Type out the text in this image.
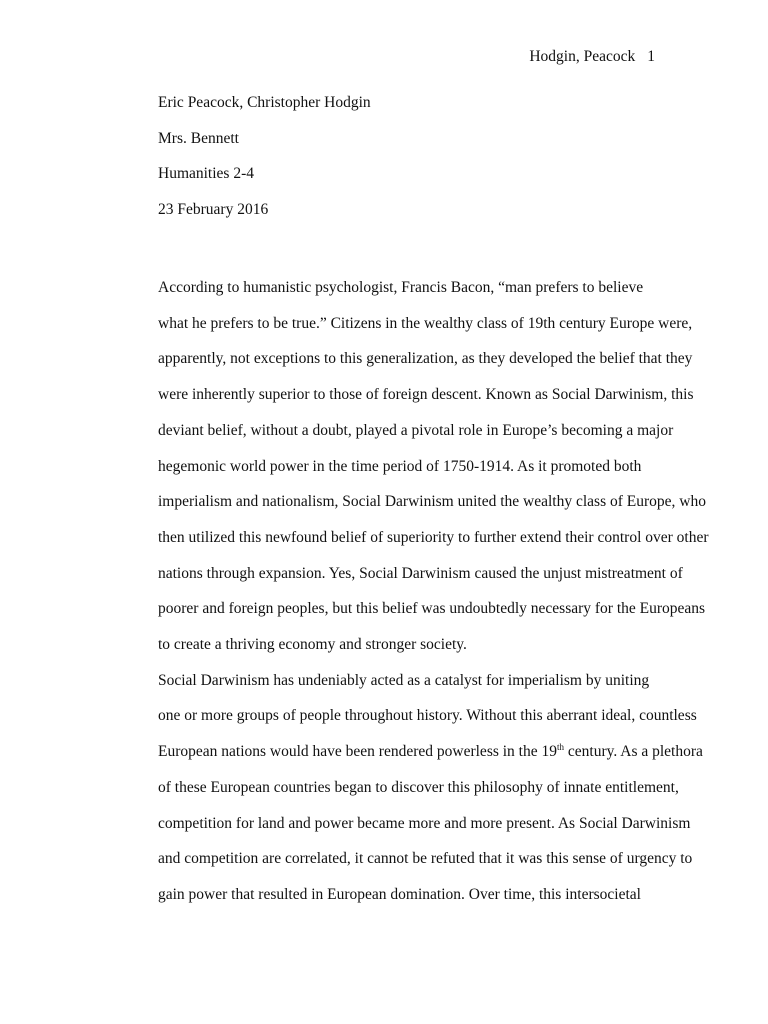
Hodgin, Peacock 1
Eric Peacock, Christopher Hodgin
Mrs. Bennett
Humanities 2-4
23 February 2016

According to humanistic psychologist, Francis Bacon, “man prefers to believe
what he prefers to be true.” Citizens in the wealthy class of 19th century Europe were,
apparently, not exceptions to this generalization, as they developed the belief that they
were inherently superior to those of foreign descent. Known as Social Darwinism, this
deviant belief, without a doubt, played a pivotal role in Europe’s becoming a major
hegemonic world power in the time period of 1750-1914. As it promoted both
imperialism and nationalism, Social Darwinism united the wealthy class of Europe, who
then utilized this newfound belief of superiority to further extend their control over other
nations through expansion. Yes, Social Darwinism caused the unjust mistreatment of
poorer and foreign peoples, but this belief was undoubtedly necessary for the Europeans
to create a thriving economy and stronger society.

Social Darwinism has undeniably acted as a catalyst for imperialism by uniting
one or more groups of people throughout history. Without this aberrant ideal, countless
European nations would have been rendered powerless in the 19th century. As a plethora
of these European countries began to discover this philosophy of innate entitlement,
competition for land and power became more and more present. As Social Darwinism
and competition are correlated, it cannot be refuted that it was this sense of urgency to
gain power that resulted in European domination. Over time, this intersocietal
